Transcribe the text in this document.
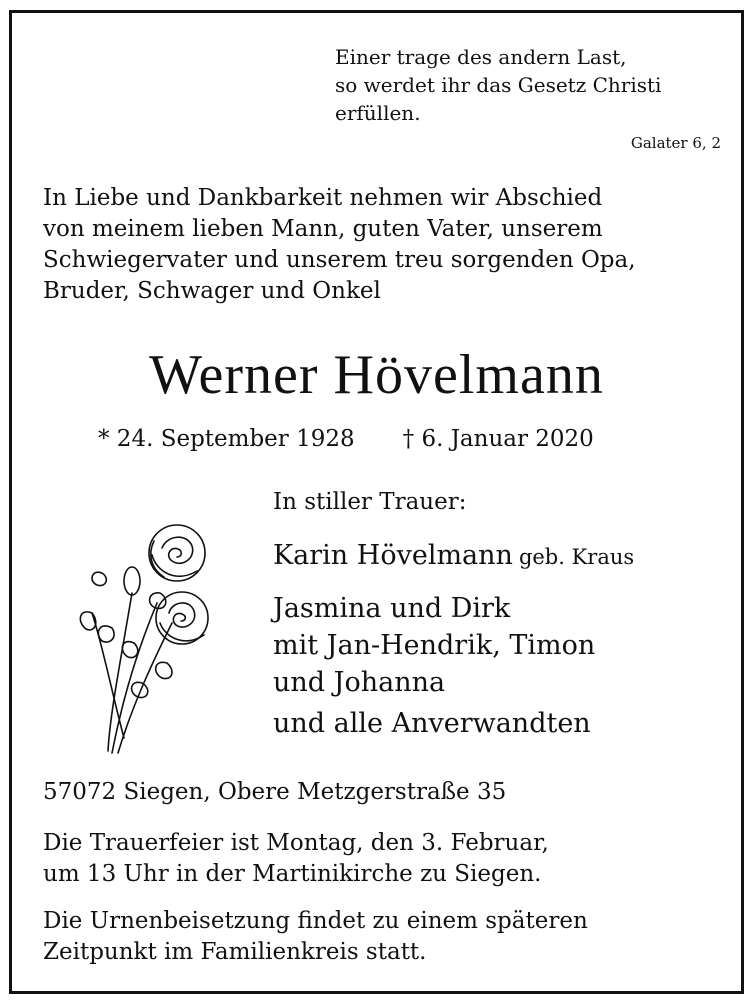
Einer trage des andern Last,
so werdet ihr das Gesetz Christi
erfüllen.
Galater 6, 2
In Liebe und Dankbarkeit nehmen wir Abschied
von meinem lieben Mann, guten Vater, unserem
Schwiegervater und unserem treu sorgenden Opa,
Bruder, Schwager und Onkel
Werner Hövelmann
* 24. September 1928 † 6. Januar 2020
In stiller Trauer:
Karin Hövelmann geb. Kraus
Jasmina und Dirk
mit Jan-Hendrik, Timon
und Johanna
und alle Anverwandten
57072 Siegen, Obere Metzgerstraße 35
Die Trauerfeier ist Montag, den 3. Februar,
um 13 Uhr in der Martinikirche zu Siegen.
Die Urnenbeisetzung findet zu einem späteren
Zeitpunkt im Familienkreis statt.
